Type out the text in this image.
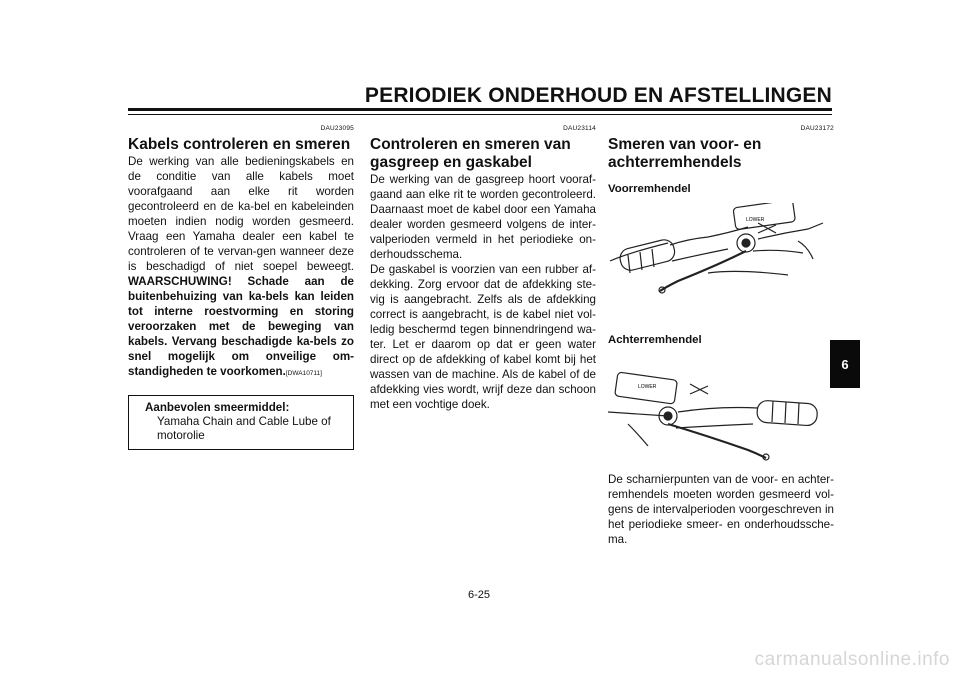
PERIODIEK ONDERHOUD EN AFSTELLINGEN
DAU23095
Kabels controleren en smeren

De werking van alle bedieningskabels en de conditie van alle kabels moet voorafgaand aan elke rit worden gecontroleerd en de ka-bel en kabeleinden moeten indien nodig worden gesmeerd. Vraag een Yamaha dealer een kabel te controleren of te vervan-gen wanneer deze is beschadigd of niet soepel beweegt. WAARSCHUWING! Schade aan de buitenbehuizing van ka-bels kan leiden tot interne roestvorming en storing veroorzaken met de beweging van kabels. Vervang beschadigde ka-bels zo snel mogelijk om onveilige om-standigheden te voorkomen.[DWA10711]

Aanbevolen smeermiddel:
Yamaha Chain and Cable Lube of
motorolie
DAU23114
Controleren en smeren van gasgreep en gaskabel

De werking van de gasgreep hoort vooraf-gaand aan elke rit te worden gecontroleerd. Daarnaast moet de kabel door een Yamaha dealer worden gesmeerd volgens de inter-valperioden vermeld in het periodieke on-derhoudsschema.

De gaskabel is voorzien van een rubber af-dekking. Zorg ervoor dat de afdekking ste-vig is aangebracht. Zelfs als de afdekking correct is aangebracht, is de kabel niet vol-ledig beschermd tegen binnendringend wa-ter. Let er daarom op dat er geen water direct op de afdekking of kabel komt bij het wassen van de machine. Als de kabel of de afdekking vies wordt, wrijf deze dan schoon met een vochtige doek.

DAU23172
Smeren van voor- en achterremhendels

Voorremhendel

LOWER

Achterremhendel

LOWER

De scharnierpunten van de voor- en achter-remhendels moeten worden gesmeerd vol-gens de intervalperioden voorgeschreven in het periodieke smeer- en onderhoudssche-ma.

6
6-25
carmanualsonline.info
